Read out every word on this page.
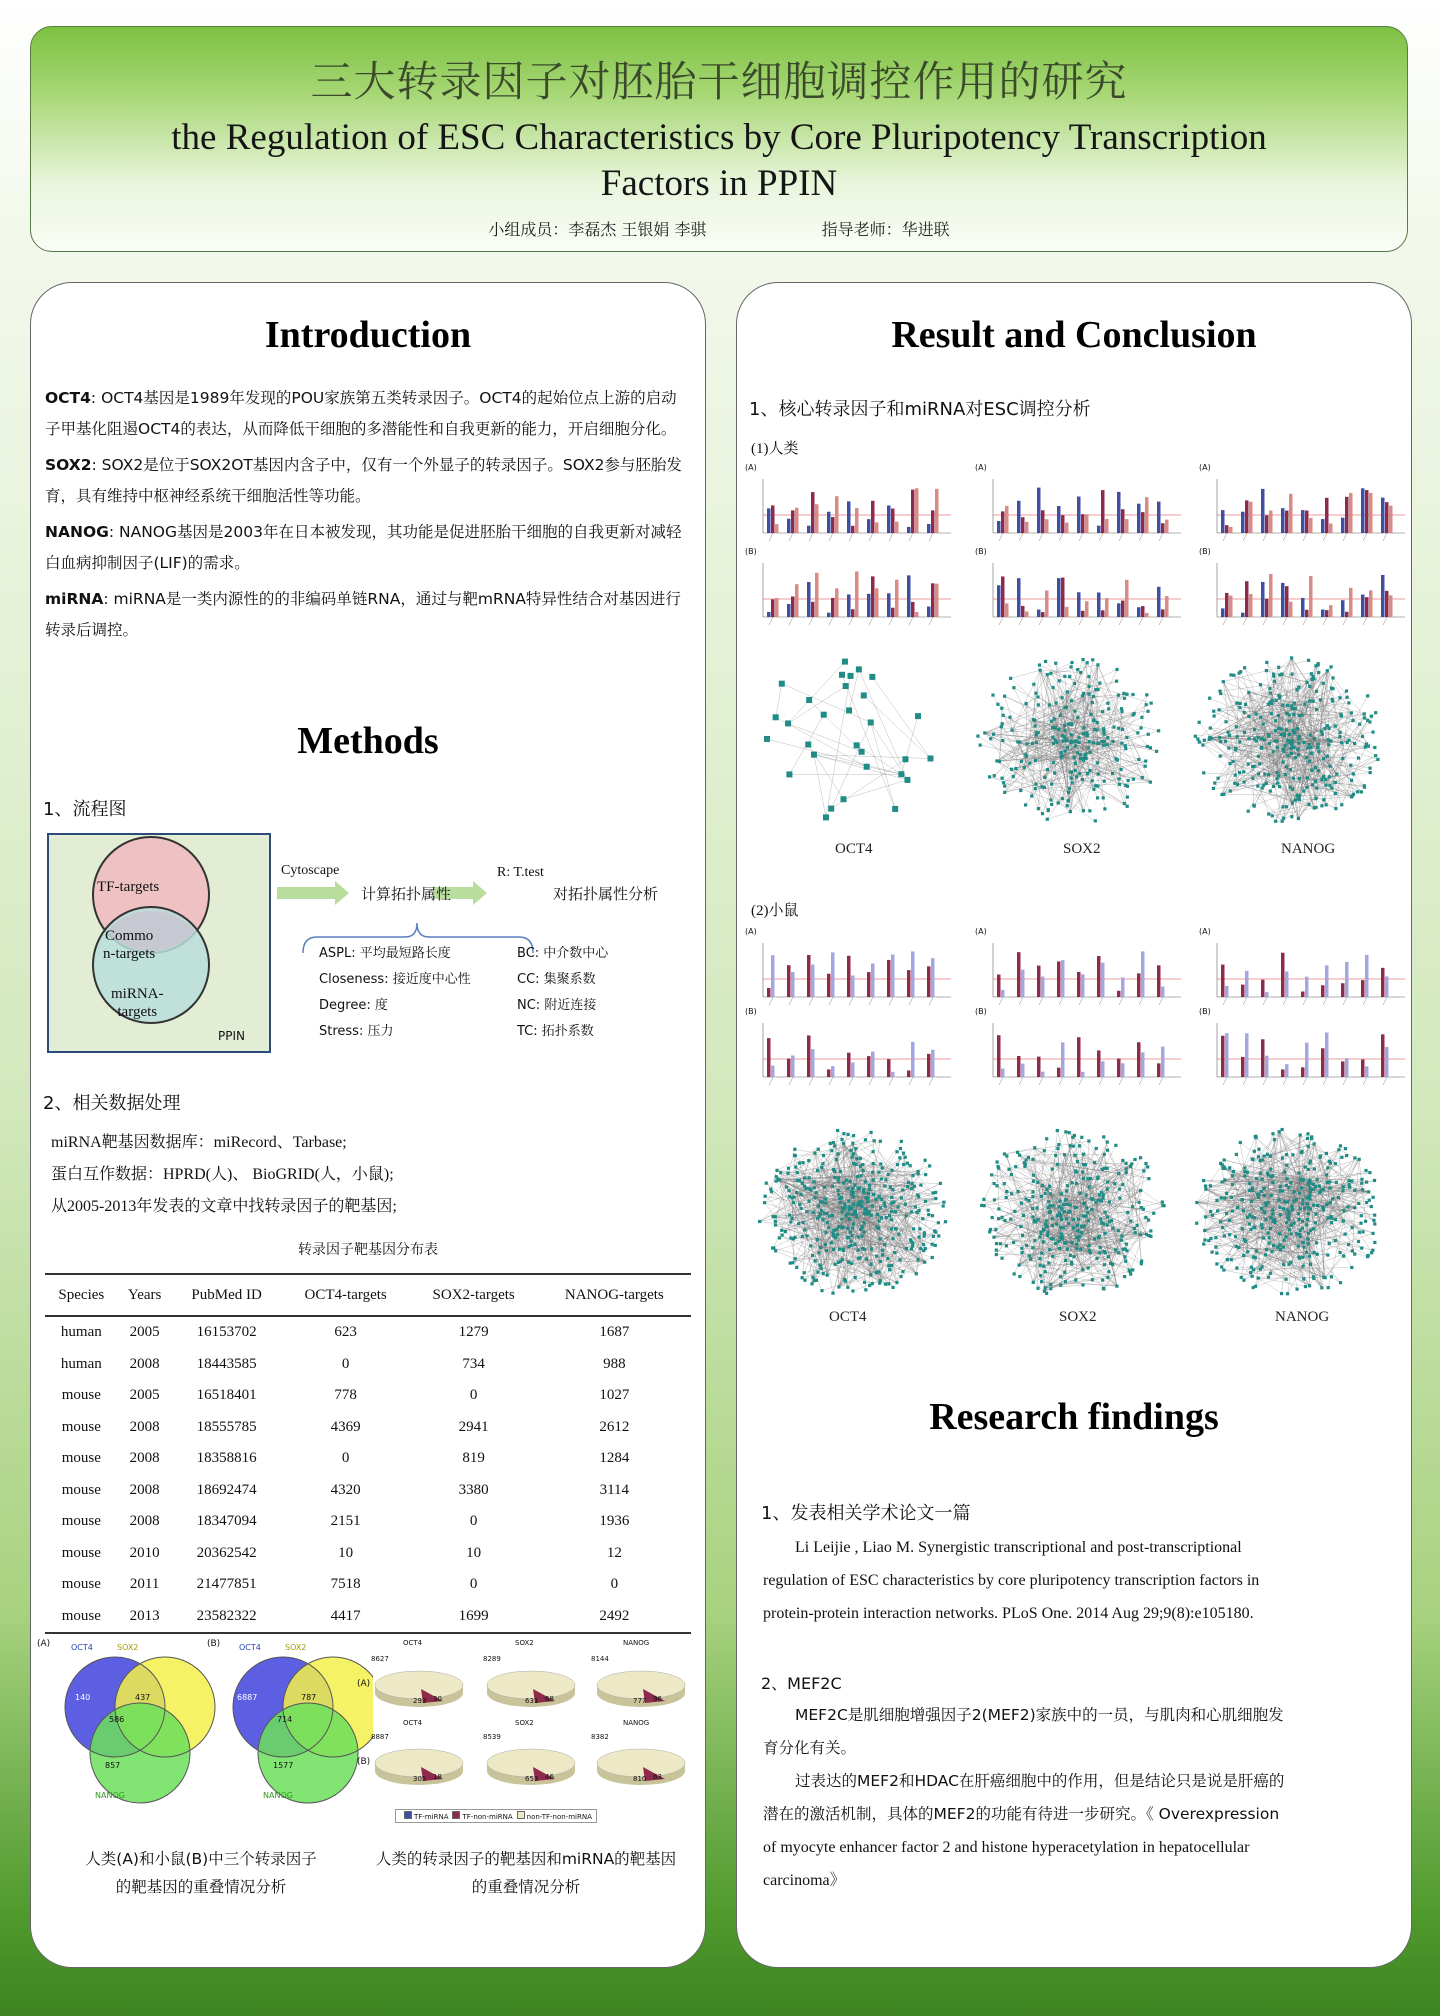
三大转录因子对胚胎干细胞调控作用的研究
the Regulation of ESC Characteristics by Core Pluripotency Transcription
Factors in PPIN
小组成员：李磊杰 王银娟 李骐	指导老师：华进联
Introduction

OCT4: OCT4基因是1989年发现的POU家族第五类转录因子。OCT4的起始位点上游的启动子甲基化阻遏OCT4的表达，从而降低干细胞的多潜能性和自我更新的能力，开启细胞分化。

SOX2: SOX2是位于SOX2OT基因内含子中，仅有一个外显子的转录因子。SOX2参与胚胎发育，具有维持中枢神经系统干细胞活性等功能。

NANOG: NANOG基因是2003年在日本被发现，其功能是促进胚胎干细胞的自我更新对减轻白血病抑制因子(LIF)的需求。

miRNA: miRNA是一类内源性的的非编码单链RNA，通过与靶mRNA特异性结合对基因进行转录后调控。

Methods
1、流程图
TF-targets
Commo
n-targets
miRNA-
targets
PPIN
Cytoscape
计算拓扑属性
R: T.test
对拓扑属性分析
ASPL: 平均最短路长度
Closeness: 接近度中心性
Degree: 度
Stress: 压力
BC: 中介数中心
CC: 集聚系数
NC: 附近连接
TC: 拓扑系数
2、相关数据处理
miRNA靶基因数据库：miRecord、Tarbase;
蛋白互作数据：HPRD(人)、 BioGRID(人，小鼠);
从2005-2013年发表的文章中找转录因子的靶基因;
转录因子靶基因分布表
Species	Years	PubMed ID	OCT4-targets	SOX2-targets	NANOG-targets
human	2005	16153702	623	1279	1687
human	2008	18443585	0	734	988
mouse	2005	16518401	778	0	1027
mouse	2008	18555785	4369	2941	2612
mouse	2008	18358816	0	819	1284
mouse	2008	18692474	4320	3380	3114
mouse	2008	18347094	2151	0	1936
mouse	2010	20362542	10	10	12
mouse	2011	21477851	7518	0	0
mouse	2013	23582322	4417	1699	2492
(A)	(B)
OCT4	SOX2
NANOG
140	437
586
857
OCT4	SOX2
NANOG
6887	787
714
1577
(A)
(B)
OCT4
8627
293 30
SOX2
8289
631 68
NANOG
8144
777 96
OCT4
8887
305 18
SOX2
8539
653 46
NANOG
8382
810 63
TF-miRNA TF-non-miRNA non-TF-non-miRNA
人类(A)和小鼠(B)中三个转录因子
的靶基因的重叠情况分析
人类的转录因子的靶基因和miRNA的靶基因
的重叠情况分析
Result and Conclusion
1、核心转录因子和miRNA对ESC调控分析
(1)人类
(A)	(A)	(A)
(B)	(B)	(B)
OCT4	SOX2	NANOG
(2)小鼠
(A)	(A)	(A)
(B)	(B)	(B)
OCT4	SOX2	NANOG
Research findings
1、发表相关学术论文一篇
Li Leijie , Liao M. Synergistic transcriptional and post-transcriptional
regulation of ESC characteristics by core pluripotency transcription factors in
protein-protein interaction networks. PLoS One. 2014 Aug 29;9(8):e105180.
2、MEF2C
MEF2C是肌细胞增强因子2(MEF2)家族中的一员，与肌肉和心肌细胞发
育分化有关。
过表达的MEF2和HDAC在肝癌细胞中的作用，但是结论只是说是肝癌的
潜在的激活机制，具体的MEF2的功能有待进一步研究。《 Overexpression
of myocyte enhancer factor 2 and histone hyperacetylation in hepatocellular
carcinoma》
